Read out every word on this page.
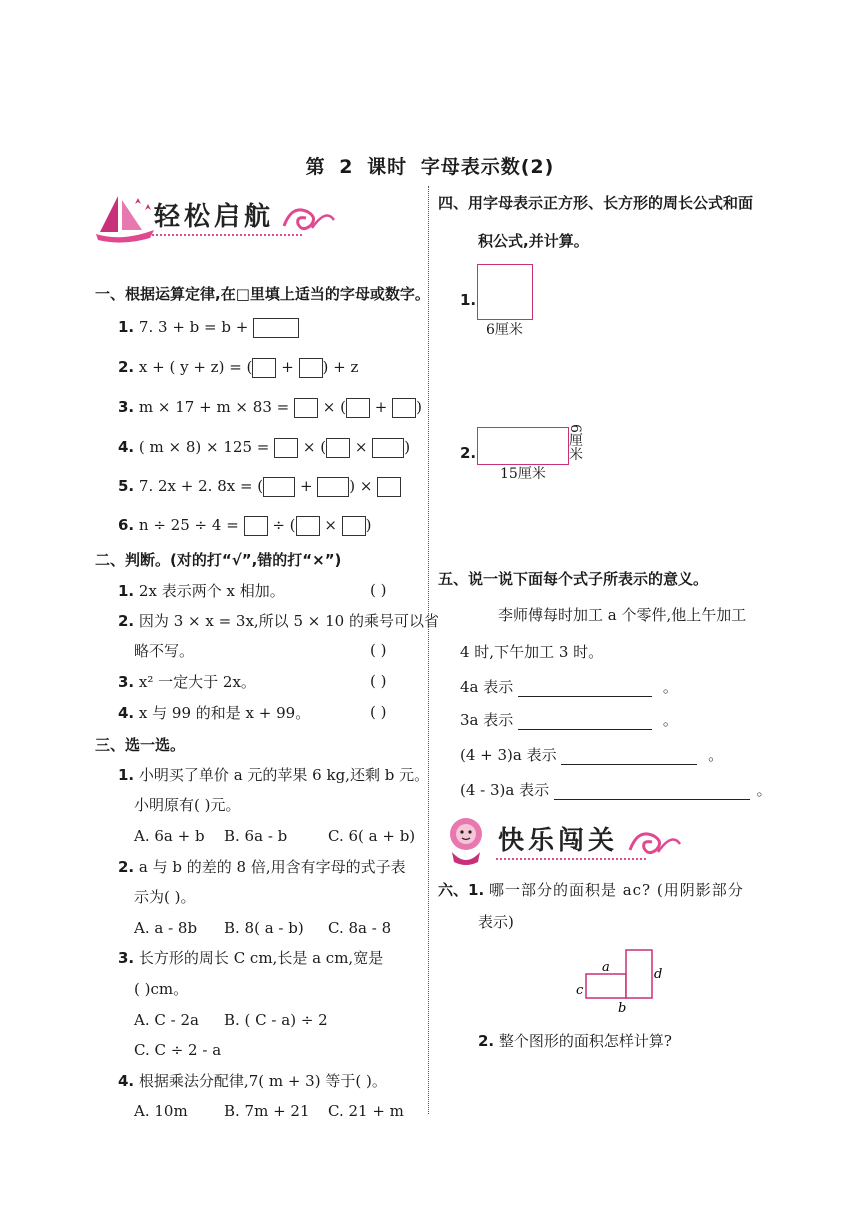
第 2 课时 字母表示数(2)
轻松启航
一、根据运算定律,在□里填上适当的字母或数字。
1. 7. 3 + b = b +
2. x + ( y + z) = ( + ) + z
3. m × 17 + m × 83 = × ( + )
4. ( m × 8) × 125 = × ( × )
5. 7. 2x + 2. 8x = ( + ) ×
6. n ÷ 25 ÷ 4 = ÷ ( × )
二、判断。(对的打“√”,错的打“×”)
1. 2x 表示两个 x 相加。	( )
2. 因为 3 × x = 3x,所以 5 × 10 的乘号可以省
略不写。	( )
3. x² 一定大于 2x。	( )
4. x 与 99 的和是 x + 99。	( )
三、选一选。
1. 小明买了单价 a 元的苹果 6 kg,还剩 b 元。
小明原有( )元。
A. 6a + b B. 6a - b	C. 6( a + b)
2. a 与 b 的差的 8 倍,用含有字母的式子表
示为( )。
A. a - 8b B. 8( a - b) C. 8a - 8
3. 长方形的周长 C cm,长是 a cm,宽是
( )cm。
A. C - 2a B. ( C - a) ÷ 2
C. C ÷ 2 - a
4. 根据乘法分配律,7( m + 3) 等于( )。
A. 10m B. 7m + 21 C. 21 + m
四、用字母表示正方形、长方形的周长公式和面
积公式,并计算。
1.
6厘米
2.
15厘米
6厘米
五、说一说下面每个式子所表示的意义。
李师傅每时加工 a 个零件,他上午加工
4 时,下午加工 3 时。
4a 表示	。
3a 表示	。
(4 + 3)a 表示	。
(4 - 3)a 表示	。
快乐闯关
六、1. 哪一部分的面积是 ac? (用阴影部分
表示)
a
b
c
d
2. 整个图形的面积怎样计算?
